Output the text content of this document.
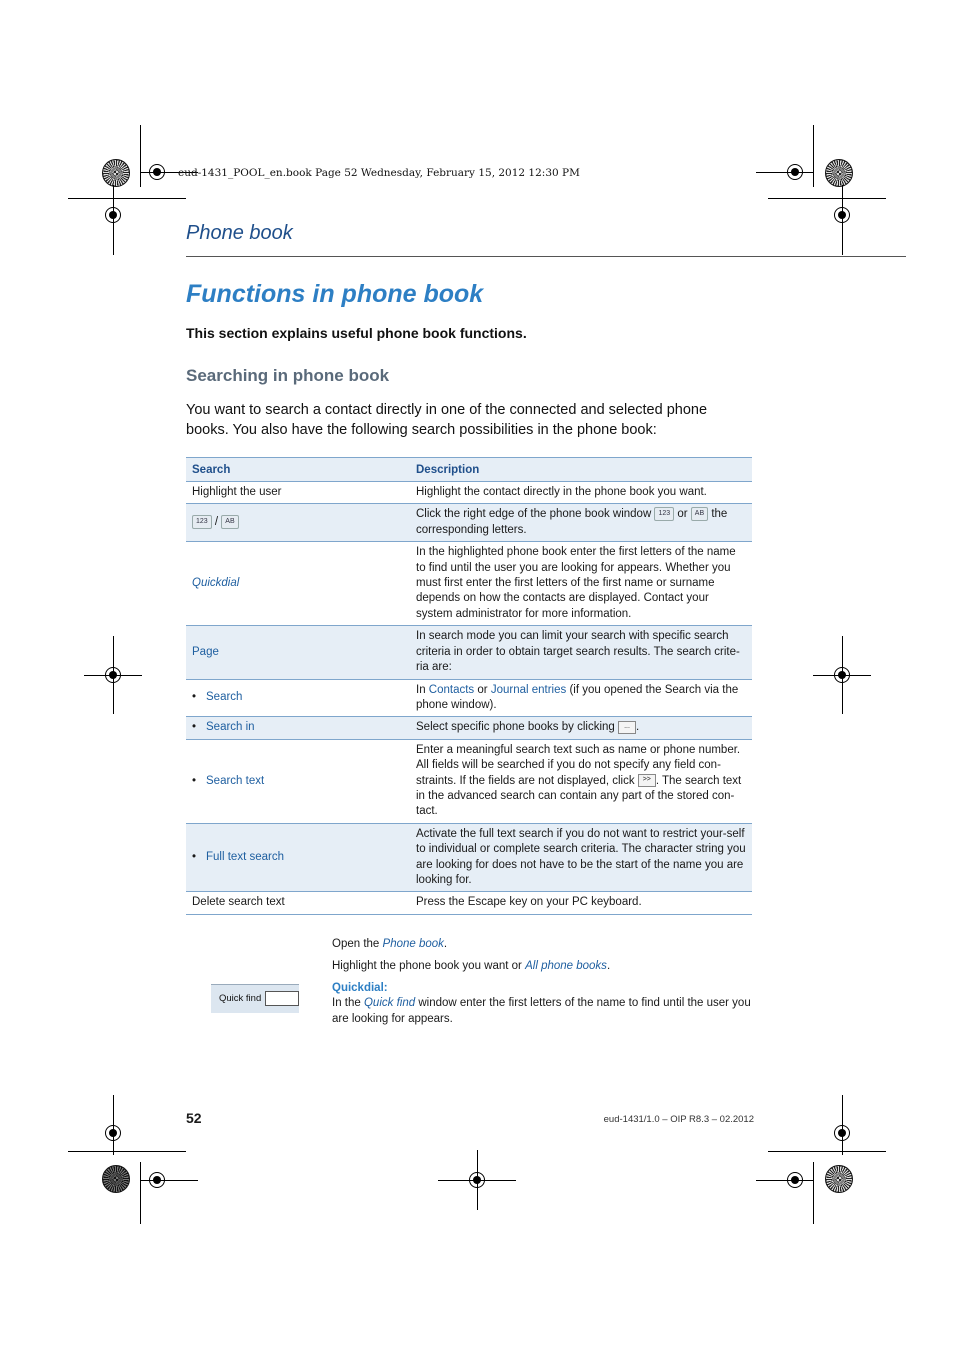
eud-1431_POOL_en.book Page 52 Wednesday, February 15, 2012 12:30 PM
Phone book
Functions in phone book
This section explains useful phone book functions.
Searching in phone book
You want to search a contact directly in one of the connected and selected phone books. You also have the following search possibilities in the phone book:
Search	Description
Highlight the user	Highlight the contact directly in the phone book you want.
123 / AB	Click the right edge of the phone book window 123 or AB the corresponding letters.
Quickdial	In the highlighted phone book enter the first letters of the name to find until the user you are looking for appears. Whether you must first enter the first letters of the first name or surname depends on how the contacts are displayed. Contact your system administrator for more information.
Page	In search mode you can limit your search with specific search criteria in order to obtain target search results. The search crite-ria are:
• Search	In Contacts or Journal entries (if you opened the Search via the phone window).
• Search in	Select specific phone books by clicking ... .
• Search text	Enter a meaningful search text such as name or phone number. All fields will be searched if you do not specify any field con-straints. If the fields are not displayed, click >> . The search text in the advanced search can contain any part of the stored con-tact.
• Full text search	Activate the full text search if you do not want to restrict your-self to individual or complete search criteria. The character string you are looking for does not have to be the start of the name you are looking for.
Delete search text	Press the Escape key on your PC keyboard.
Open the Phone book.
Highlight the phone book you want or All phone books.
Quickdial:
In the Quick find window enter the first letters of the name to find until the user you are looking for appears.
Quick find
52	eud-1431/1.0 – OIP R8.3 – 02.2012
